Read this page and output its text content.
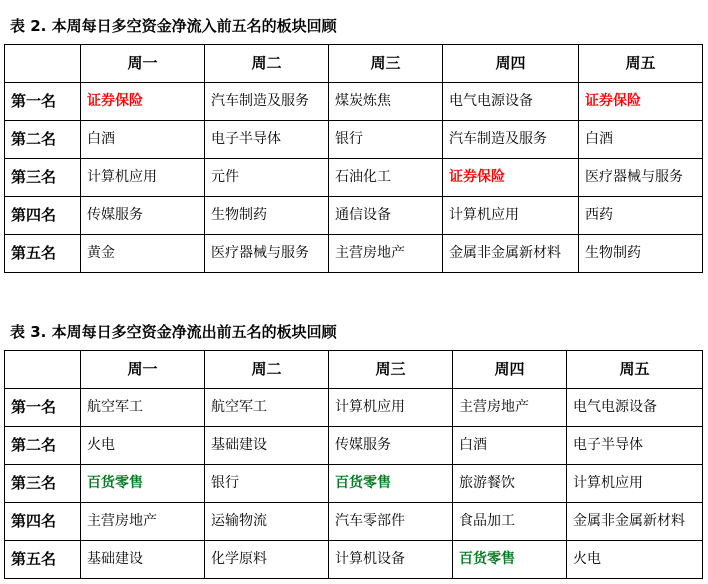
表 2. 本周每日多空资金净流入前五名的板块回顾
	周一	周二	周三	周四	周五
第一名	证券保险	汽车制造及服务	煤炭炼焦	电气电源设备	证券保险
第二名	白酒	电子半导体	银行	汽车制造及服务	白酒
第三名	计算机应用	元件	石油化工	证券保险	医疗器械与服务
第四名	传媒服务	生物制药	通信设备	计算机应用	西药
第五名	黄金	医疗器械与服务	主营房地产	金属非金属新材料	生物制药
表 3. 本周每日多空资金净流出前五名的板块回顾
	周一	周二	周三	周四	周五
第一名	航空军工	航空军工	计算机应用	主营房地产	电气电源设备
第二名	火电	基础建设	传媒服务	白酒	电子半导体
第三名	百货零售	银行	百货零售	旅游餐饮	计算机应用
第四名	主营房地产	运输物流	汽车零部件	食品加工	金属非金属新材料
第五名	基础建设	化学原料	计算机设备	百货零售	火电
